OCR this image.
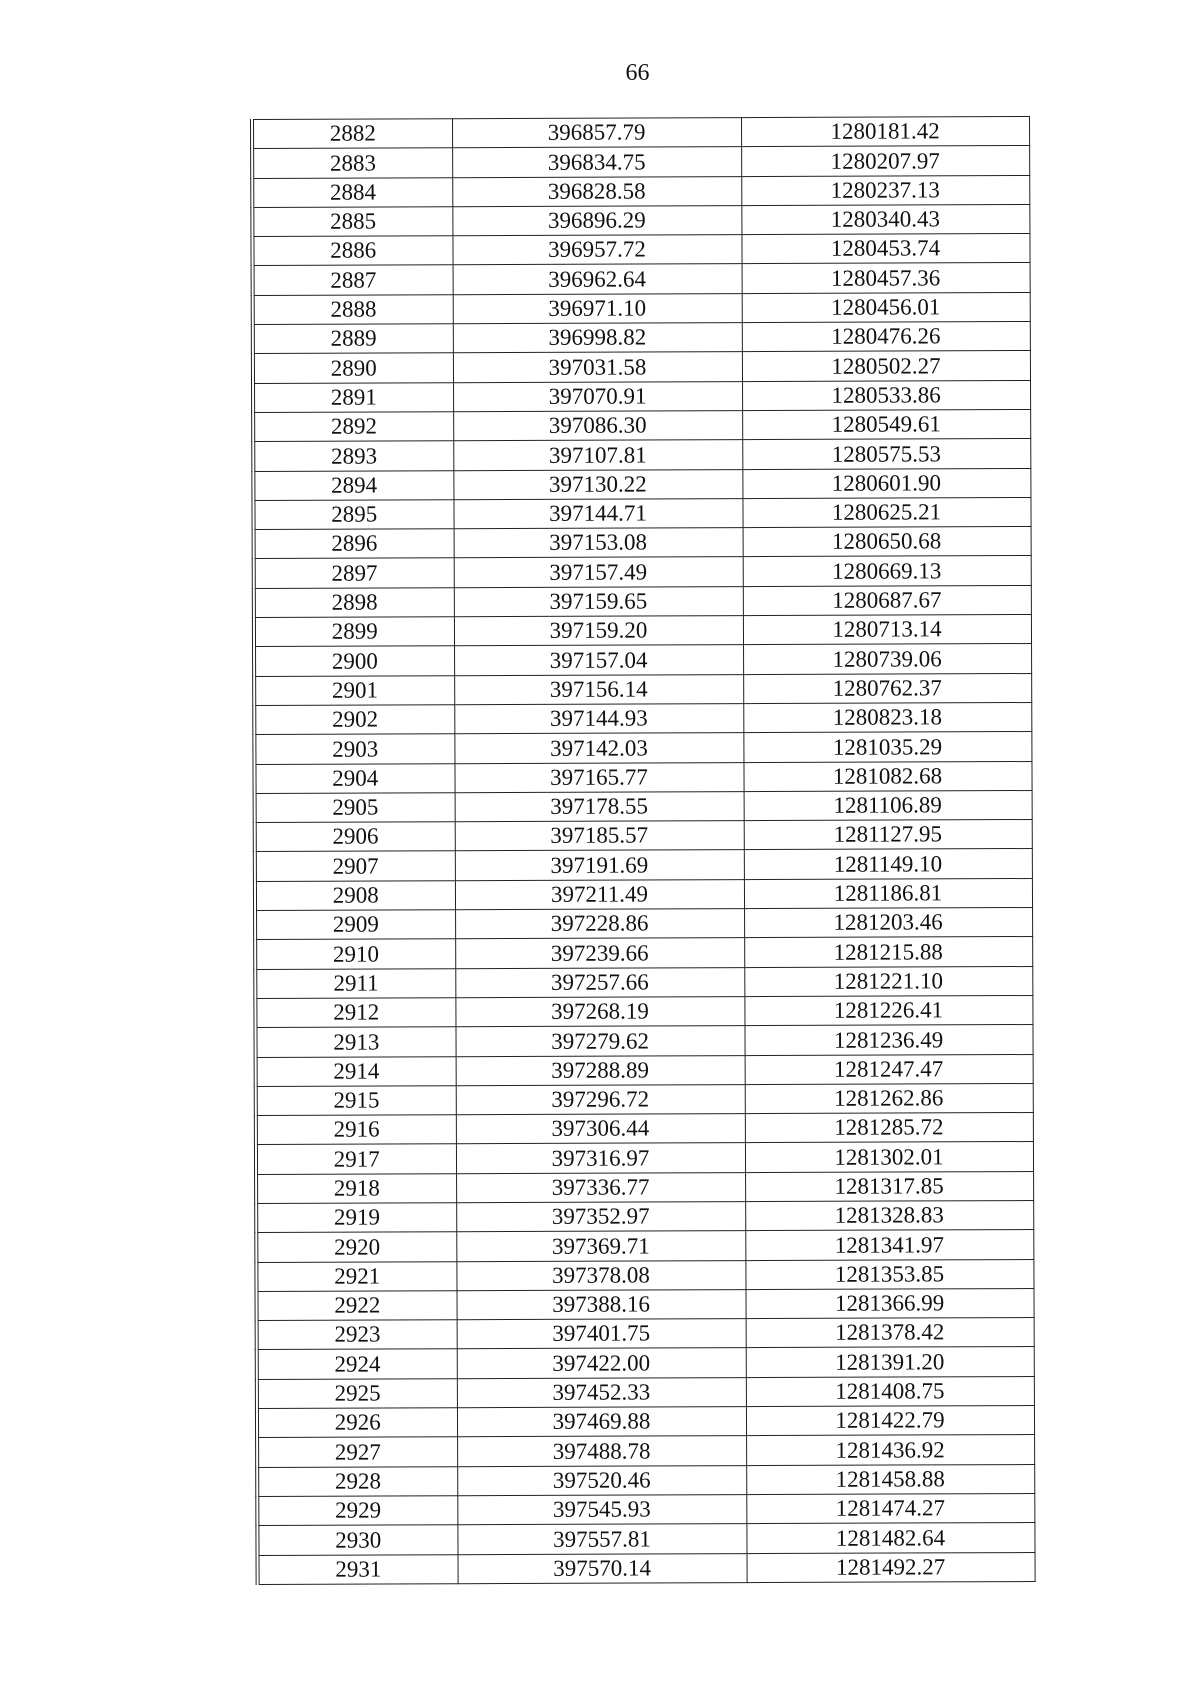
66
2882	396857.79	1280181.42
2883	396834.75	1280207.97
2884	396828.58	1280237.13
2885	396896.29	1280340.43
2886	396957.72	1280453.74
2887	396962.64	1280457.36
2888	396971.10	1280456.01
2889	396998.82	1280476.26
2890	397031.58	1280502.27
2891	397070.91	1280533.86
2892	397086.30	1280549.61
2893	397107.81	1280575.53
2894	397130.22	1280601.90
2895	397144.71	1280625.21
2896	397153.08	1280650.68
2897	397157.49	1280669.13
2898	397159.65	1280687.67
2899	397159.20	1280713.14
2900	397157.04	1280739.06
2901	397156.14	1280762.37
2902	397144.93	1280823.18
2903	397142.03	1281035.29
2904	397165.77	1281082.68
2905	397178.55	1281106.89
2906	397185.57	1281127.95
2907	397191.69	1281149.10
2908	397211.49	1281186.81
2909	397228.86	1281203.46
2910	397239.66	1281215.88
2911	397257.66	1281221.10
2912	397268.19	1281226.41
2913	397279.62	1281236.49
2914	397288.89	1281247.47
2915	397296.72	1281262.86
2916	397306.44	1281285.72
2917	397316.97	1281302.01
2918	397336.77	1281317.85
2919	397352.97	1281328.83
2920	397369.71	1281341.97
2921	397378.08	1281353.85
2922	397388.16	1281366.99
2923	397401.75	1281378.42
2924	397422.00	1281391.20
2925	397452.33	1281408.75
2926	397469.88	1281422.79
2927	397488.78	1281436.92
2928	397520.46	1281458.88
2929	397545.93	1281474.27
2930	397557.81	1281482.64
2931	397570.14	1281492.27
